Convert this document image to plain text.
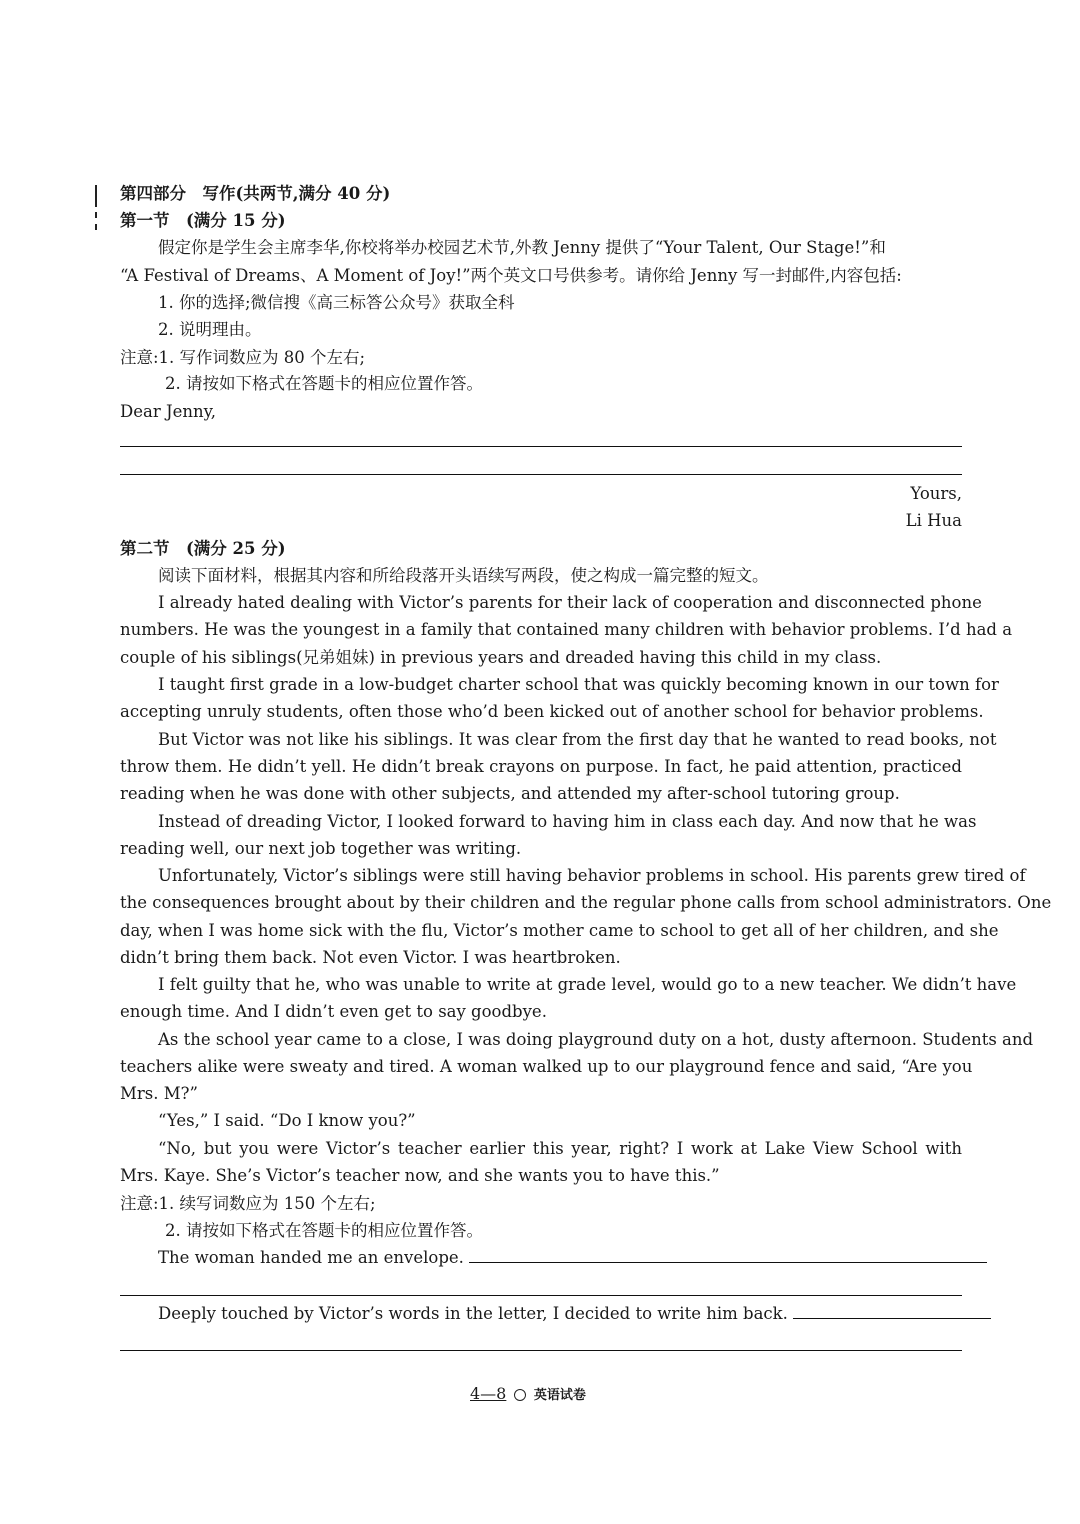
第四部分　写作(共两节,满分 40 分)
第一节　(满分 15 分)
假定你是学生会主席李华,你校将举办校园艺术节,外教 Jenny 提供了“Your Talent, Our Stage!”和
“A Festival of Dreams、A Moment of Joy!”两个英文口号供参考。请你给 Jenny 写一封邮件,内容包括:
1. 你的选择;微信搜《高三标答公众号》获取全科
2. 说明理由。
注意:1. 写作词数应为 80 个左右;
2. 请按如下格式在答题卡的相应位置作答。
Dear Jenny,
Yours,
Li Hua
第二节　(满分 25 分)
阅读下面材料，根据其内容和所给段落开头语续写两段，使之构成一篇完整的短文。
I already hated dealing with Victor’s parents for their lack of cooperation and disconnected phone
numbers. He was the youngest in a family that contained many children with behavior problems. I’d had a
couple of his siblings(兄弟姐妹) in previous years and dreaded having this child in my class.
I taught first grade in a low-budget charter school that was quickly becoming known in our town for
accepting unruly students, often those who’d been kicked out of another school for behavior problems.
But Victor was not like his siblings. It was clear from the first day that he wanted to read books, not
throw them. He didn’t yell. He didn’t break crayons on purpose. In fact, he paid attention, practiced
reading when he was done with other subjects, and attended my after-school tutoring group.
Instead of dreading Victor, I looked forward to having him in class each day. And now that he was
reading well, our next job together was writing.
Unfortunately, Victor’s siblings were still having behavior problems in school. His parents grew tired of
the consequences brought about by their children and the regular phone calls from school administrators. One
day, when I was home sick with the flu, Victor’s mother came to school to get all of her children, and she
didn’t bring them back. Not even Victor. I was heartbroken.
I felt guilty that he, who was unable to write at grade level, would go to a new teacher. We didn’t have
enough time. And I didn’t even get to say goodbye.
As the school year came to a close, I was doing playground duty on a hot, dusty afternoon. Students and
teachers alike were sweaty and tired. A woman walked up to our playground fence and said, “Are you
Mrs. M?”
“Yes,” I said. “Do I know you?”
“No, but you were Victor’s teacher earlier this year, right? I work at Lake View School with
Mrs. Kaye. She’s Victor’s teacher now, and she wants you to have this.”
注意:1. 续写词数应为 150 个左右;
2. 请按如下格式在答题卡的相应位置作答。
The woman handed me an envelope.
Deeply touched by Victor’s words in the letter, I decided to write him back.
4—8 英语试卷
